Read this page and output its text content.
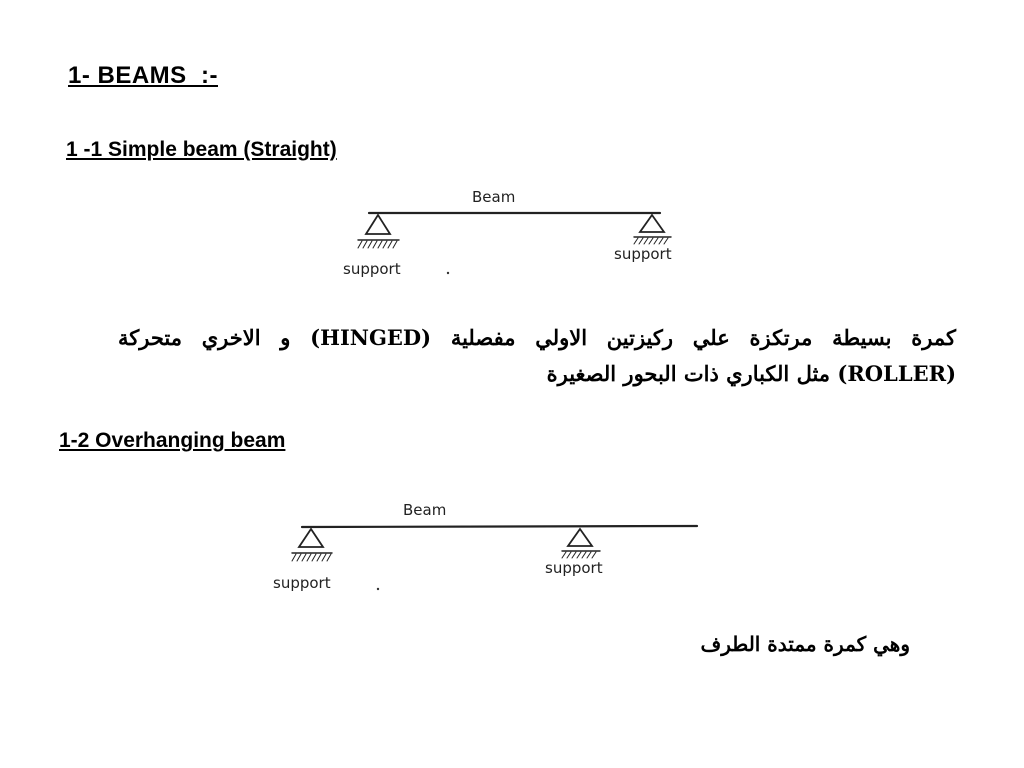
1- BEAMS  :-
1 -1 Simple beam (Straight)
Beam
support
support
Beam
support
support
كمرة بسيطة مرتكزة علي ركيزتين الاولي مفصلية (HINGED) و الاخري متحركة (ROLLER) مثل الكباري ذات البحور الصغيرة
1-2 Overhanging beam
وهي كمرة ممتدة الطرف
